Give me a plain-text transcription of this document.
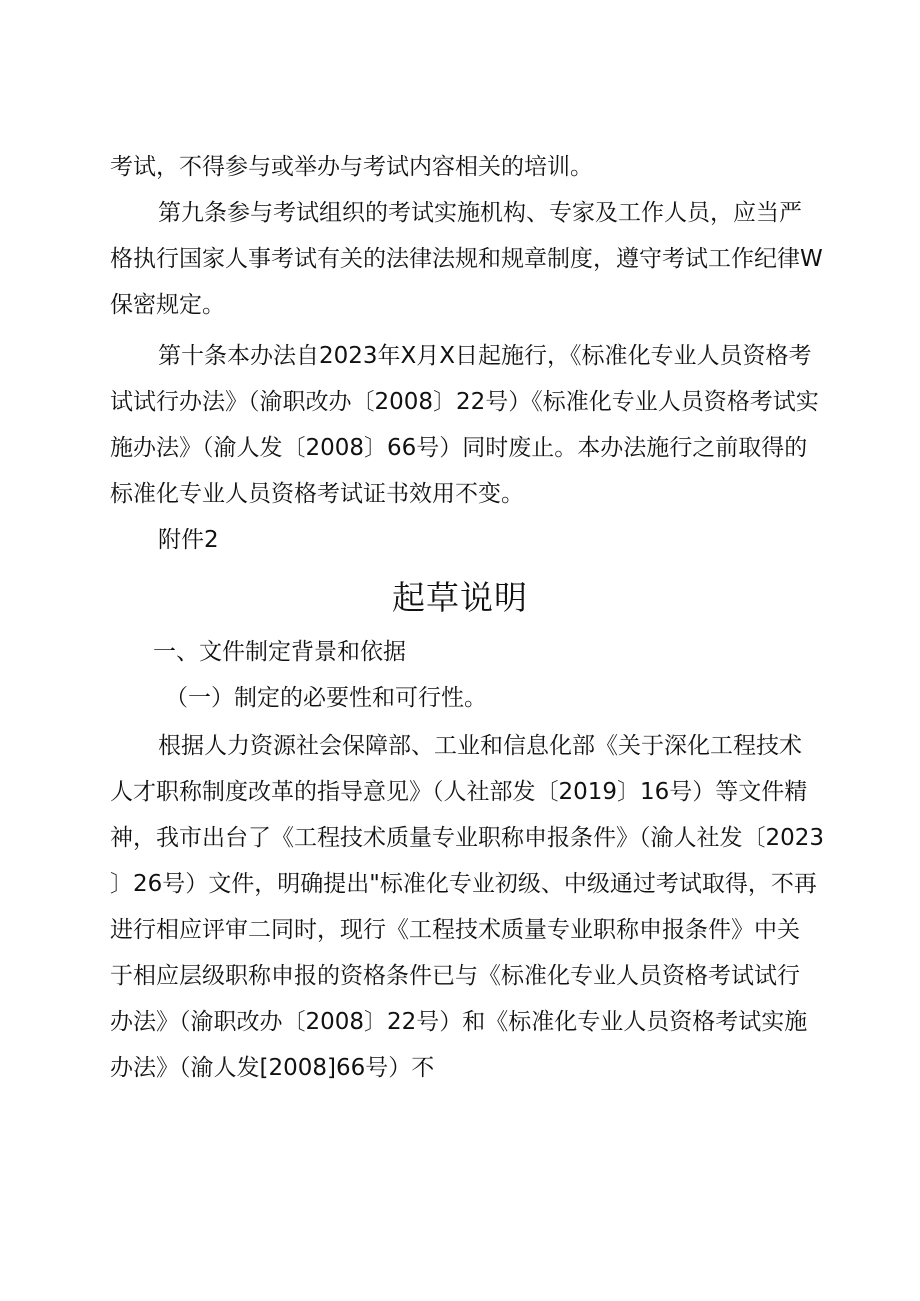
考试，不得参与或举办与考试内容相关的培训。
第九条参与考试组织的考试实施机构、专家及工作人员，应当严
格执行国家人事考试有关的法律法规和规章制度，遵守考试工作纪律W
保密规定。
第十条本办法自2023年X月X日起施行，《标准化专业人员资格考
试试行办法》（渝职改办〔2008〕22号）《标准化专业人员资格考试实
施办法》（渝人发〔2008〕66号）同时废止。本办法施行之前取得的
标准化专业人员资格考试证书效用不变。
附件2
起草说明
一、文件制定背景和依据
（一）制定的必要性和可行性。
根据人力资源社会保障部、工业和信息化部《关于深化工程技术
人才职称制度改革的指导意见》（人社部发〔2019〕16号）等文件精
神，我市出台了《工程技术质量专业职称申报条件》（渝人社发〔2023
〕26号）文件，明确提出"标准化专业初级、中级通过考试取得，不再
进行相应评审二同时，现行《工程技术质量专业职称申报条件》中关
于相应层级职称申报的资格条件已与《标准化专业人员资格考试试行
办法》（渝职改办〔2008〕22号）和《标准化专业人员资格考试实施
办法》（渝人发[2008]66号）不
